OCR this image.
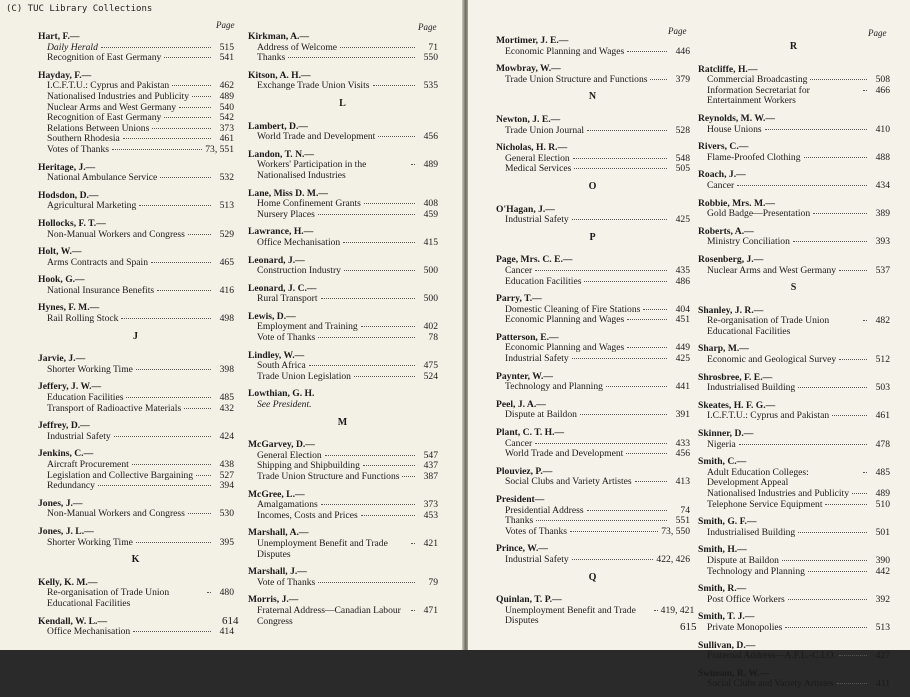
(C) TUC Library Collections
Page	Page
Hart, F.—
Daily Herald	515
Recognition of East Germany	541
Hayday, F.—
I.C.F.T.U.: Cyprus and Pakistan	462
Nationalised Industries and Publicity	489
Nuclear Arms and West Germany	540
Recognition of East Germany	542
Relations Between Unions	373
Southern Rhodesia	461
Votes of Thanks	73, 551
Heritage, J.—
National Ambulance Service	532
Hodsdon, D.—
Agricultural Marketing	513
Hollocks, F. T.—
Non-Manual Workers and Congress	529
Holt, W.—
Arms Contracts and Spain	465
Hook, G.—
National Insurance Benefits	416
Hynes, F. M.—
Rail Rolling Stock	498
J
Jarvie, J.—
Shorter Working Time	398
Jeffery, J. W.—
Education Facilities	485
Transport of Radioactive Materials	432
Jeffrey, D.—
Industrial Safety	424
Jenkins, C.—
Aircraft Procurement	438
Legislation and Collective Bargaining	527
Redundancy	394
Jones, J.—
Non-Manual Workers and Congress	530
Jones, J. L.—
Shorter Working Time	395
K
Kelly, K. M.—
Re-organisation of Trade Union Educational Facilities
480
Kendall, W. L.—
Office Mechanisation	414
Kirkman, A.—
Address of Welcome	71
Thanks	550
Kitson, A. H.—
Exchange Trade Union Visits	535
L
Lambert, D.—
World Trade and Development	456
Landon, T. N.—
Workers' Participation in the Nationalised Industries
489
Lane, Miss D. M.—
Home Confinement Grants	408
Nursery Places	459
Lawrance, H.—
Office Mechanisation	415
Leonard, J.—
Construction Industry	500
Leonard, J. C.—
Rural Transport	500
Lewis, D.—
Employment and Training	402
Vote of Thanks	78
Lindley, W.—
South Africa	475
Trade Union Legislation	524
Lowthian, G. H.
See President.
M
McGarvey, D.—
General Election	547
Shipping and Shipbuilding	437
Trade Union Structure and Functions	387
McGree, L.—
Amalgamations	373
Incomes, Costs and Prices	453
Marshall, A.—
Unemployment Benefit and Trade Disputes
421
Marshall, J.—
Vote of Thanks	79
Morris, J.—
Fraternal Address—Canadian Labour Congress
471
614
Page	Page
Mortimer, J. E.—
Economic Planning and Wages	446
Mowbray, W.—
Trade Union Structure and Functions	379
N
Newton, J. E.—
Trade Union Journal	528
Nicholas, H. R.—
General Election	548
Medical Services	505
O
O'Hagan, J.—
Industrial Safety	425
P
Page, Mrs. C. E.—
Cancer	435
Education Facilities	486
Parry, T.—
Domestic Cleaning of Fire Stations	404
Economic Planning and Wages	451
Patterson, E.—
Economic Planning and Wages	449
Industrial Safety	425
Paynter, W.—
Technology and Planning	441
Peel, J. A.—
Dispute at Baildon	391
Plant, C. T. H.—
Cancer	433
World Trade and Development	456
Plouviez, P.—
Social Clubs and Variety Artistes	413
President—
Presidential Address	74
Thanks	551
Votes of Thanks	73, 550
Prince, W.—
Industrial Safety	422, 426
Q
Quinlan, T. P.—
Unemployment Benefit and Trade Disputes
419, 421
R
Ratcliffe, H.—
Commercial Broadcasting	508
Information Secretariat for Entertainment Workers
466
Reynolds, M. W.—
House Unions	410
Rivers, C.—
Flame-Proofed Clothing	488
Roach, J.—
Cancer	434
Robbie, Mrs. M.—
Gold Badge—Presentation	389
Roberts, A.—
Ministry Conciliation	393
Rosenberg, J.—
Nuclear Arms and West Germany	537
S
Shanley, J. R.—
Re-organisation of Trade Union Educational Facilities
482
Sharp, M.—
Economic and Geological Survey	512
Shrosbree, F. E.—
Industrialised Building	503
Skeates, H. F. G.—
I.C.F.T.U.: Cyprus and Pakistan	461
Skinner, D.—
Nigeria	478
Smith, C.—
Adult Education Colleges: Development Appeal
485
Nationalised Industries and Publicity	489
Telephone Service Equipment	510
Smith, G. F.—
Industrialised Building	501
Smith, H.—
Dispute at Baildon	390
Technology and Planning	442
Smith, R.—
Post Office Workers	392
Smith, T. J.—
Private Monopolies	513
Sullivan, D.—
Fraternal Address—A.F.L.-C.I.O.	427
Swinson, R. W.—
Social Clubs and Variety Artistes	411
615
